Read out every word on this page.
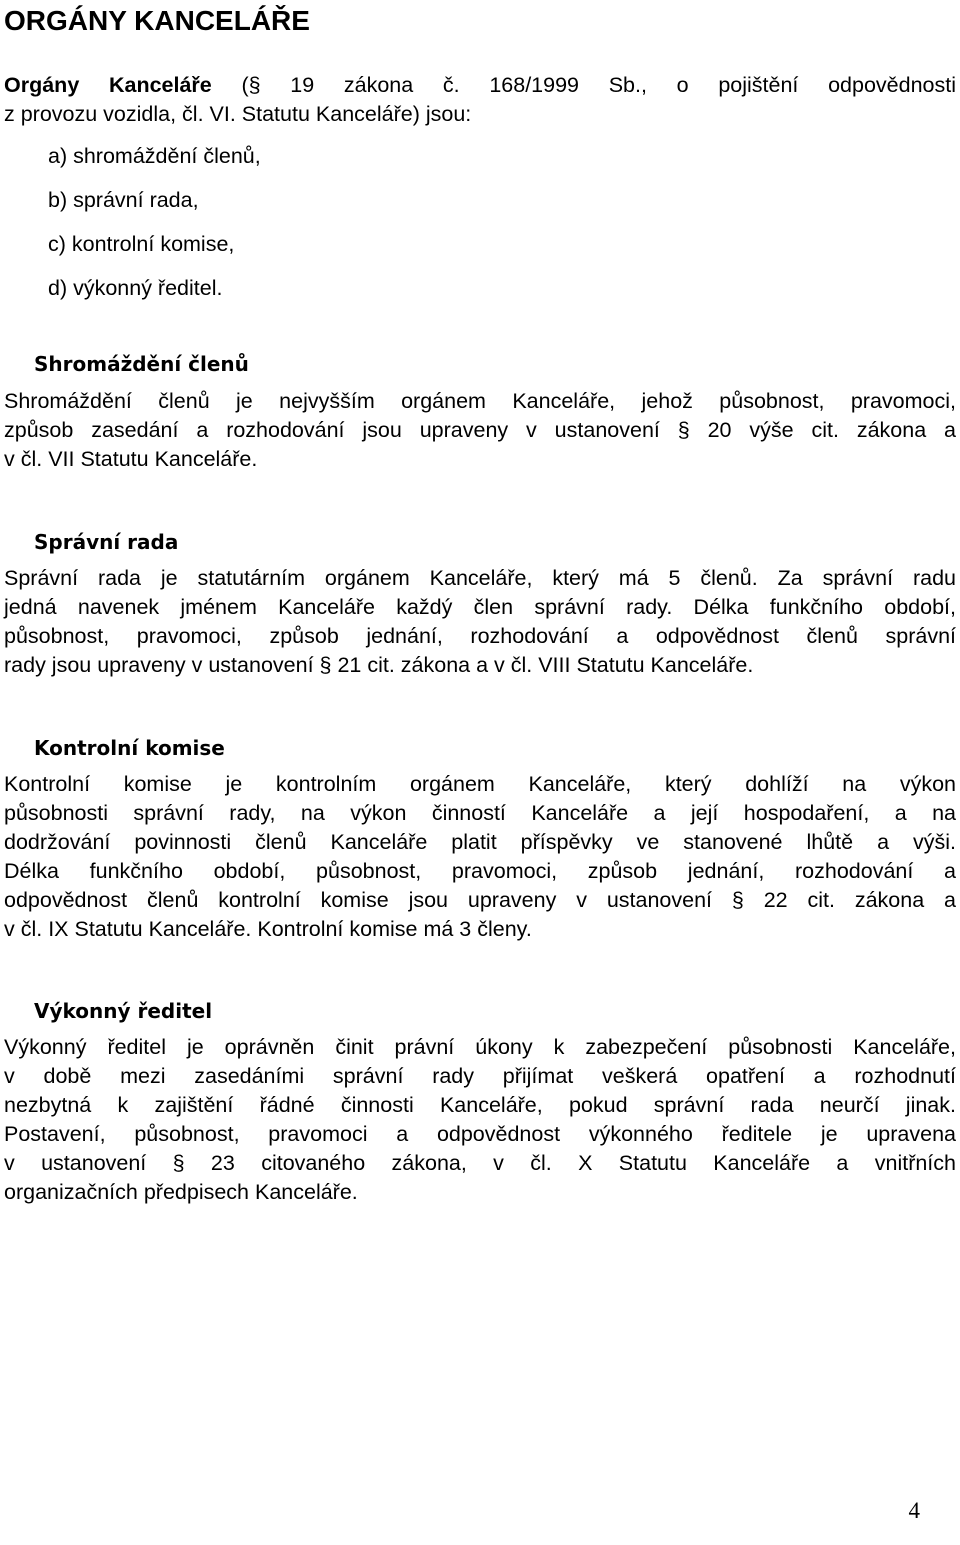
ORGÁNY KANCELÁŘE
Orgány Kanceláře (§ 19 zákona č. 168/1999 Sb., o pojištění odpovědnosti
z provozu vozidla, čl. VI. Statutu Kanceláře) jsou:
a) shromáždění členů,
b) správní rada,
c) kontrolní komise,
d) výkonný ředitel.
Shromáždění členů
Shromáždění členů je nejvyšším orgánem Kanceláře, jehož působnost, pravomoci,
způsob zasedání a rozhodování jsou upraveny v ustanovení § 20 výše cit. zákona a
v čl. VII Statutu Kanceláře.
Správní rada
Správní rada je statutárním orgánem Kanceláře, který má 5 členů. Za správní radu
jedná navenek jménem Kanceláře každý člen správní rady. Délka funkčního období,
působnost, pravomoci, způsob jednání, rozhodování a odpovědnost členů správní
rady jsou upraveny v ustanovení § 21 cit. zákona a v čl. VIII Statutu Kanceláře.
Kontrolní komise
Kontrolní komise je kontrolním orgánem Kanceláře, který dohlíží na výkon
působnosti správní rady, na výkon činností Kanceláře a její hospodaření, a na
dodržování povinnosti členů Kanceláře platit příspěvky ve stanovené lhůtě a výši.
Délka funkčního období, působnost, pravomoci, způsob jednání, rozhodování a
odpovědnost členů kontrolní komise jsou upraveny v ustanovení § 22 cit. zákona a
v čl. IX Statutu Kanceláře. Kontrolní komise má 3 členy.
Výkonný ředitel
Výkonný ředitel je oprávněn činit právní úkony k zabezpečení působnosti Kanceláře,
v době mezi zasedáními správní rady přijímat veškerá opatření a rozhodnutí
nezbytná k zajištění řádné činnosti Kanceláře, pokud správní rada neurčí jinak.
Postavení, působnost, pravomoci a odpovědnost výkonného ředitele je upravena
v ustanovení § 23 citovaného zákona, v čl. X Statutu Kanceláře a vnitřních
organizačních předpisech Kanceláře.
4
